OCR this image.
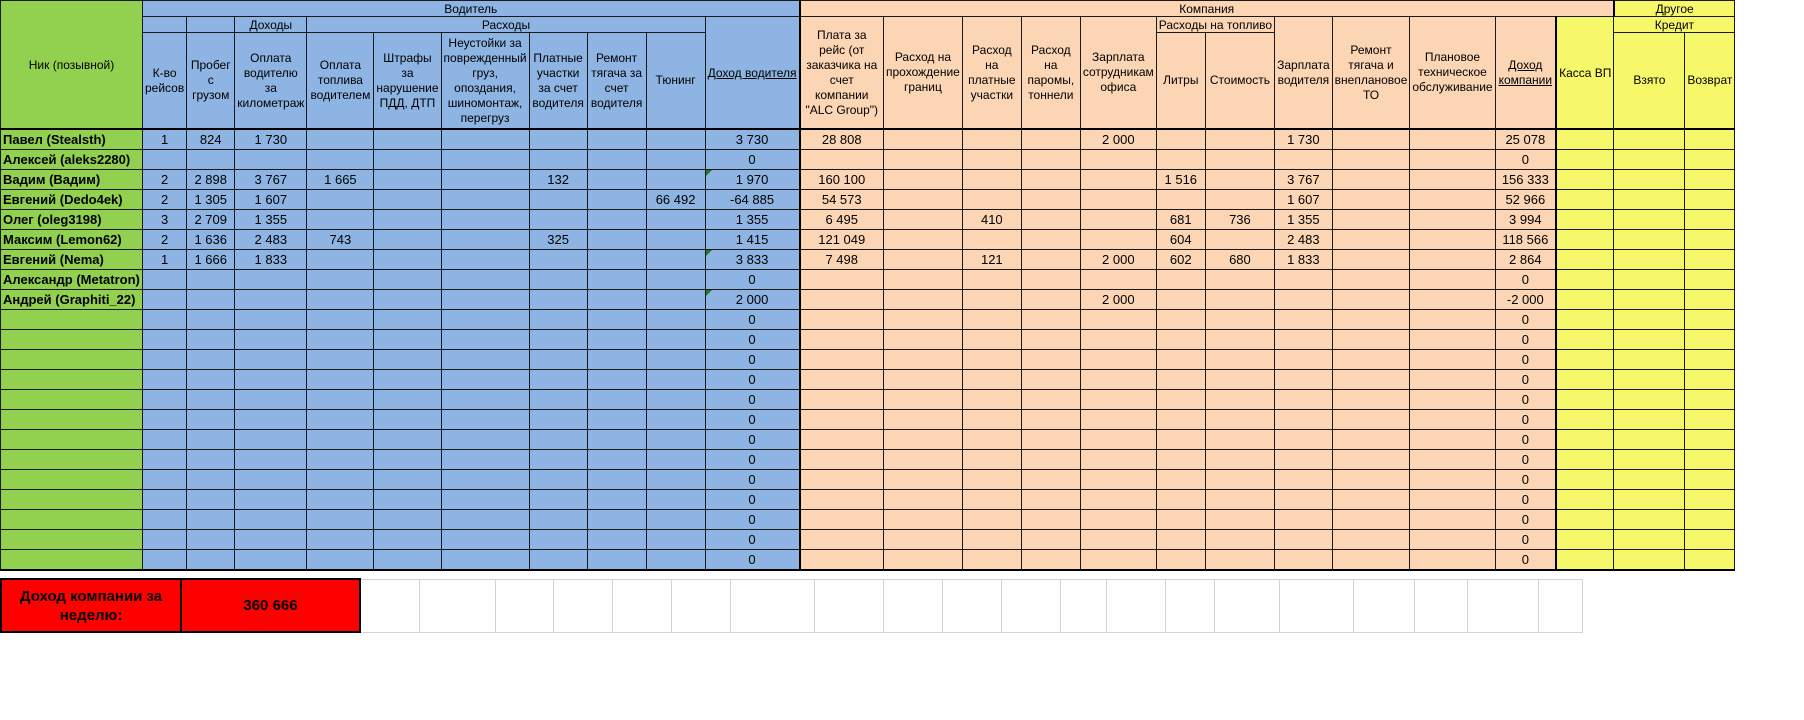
Ник (позывной)	Водитель										Компания												Другое	
			Доходы	Расходы						Доход водителя	Плата за рейс (от заказчика на счет компании "ALC Group")	Расход на прохождение границ	Расход на платные участки	Расход на паромы, тоннели	Зарплата сотрудникам офиса	Расходы на топливо		Зарплата водителя	Ремонт тягача и внеплановое ТО	Плановое техническое обслуживание	Доход компании	Касса ВП	Кредит	
	К-во рейсов	Пробег с грузом	Оплата водителю за километраж	Оплата топлива водителем	Штрафы за нарушение ПДД, ДТП	Неустойки за поврежденный груз, опоздания, шиномонтаж, перегруз	Платные участки за счет водителя	Ремонт тягача за счет водителя	Тюнинг							Литры	Стоимость						Взято	Возврат
Павел (Stealsth)	1	824	1 730							3 730	28 808				2 000			1 730			25 078			
Алексей (aleks2280)										0											0			
Вадим (Вадим)	2	2 898	3 767	1 665			132			1 970	160 100					1 516		3 767			156 333			
Евгений (Dedo4ek)	2	1 305	1 607						66 492	-64 885	54 573							1 607			52 966			
Олег (oleg3198)	3	2 709	1 355							1 355	6 495		410			681	736	1 355			3 994			
Максим (Lemon62)	2	1 636	2 483	743			325			1 415	121 049					604		2 483			118 566			
Евгений (Nema)	1	1 666	1 833							3 833	7 498		121		2 000	602	680	1 833			2 864			
Александр (Metatron)										0											0			
Андрей (Graphiti_22)										2 000					2 000						-2 000			
										0											0			
										0											0			
										0											0			
										0											0			
										0											0			
										0											0			
										0											0			
										0											0			
										0											0			
										0											0			
										0											0			
										0											0			
										0											0			
Доход компании за неделю:	360 666																				
